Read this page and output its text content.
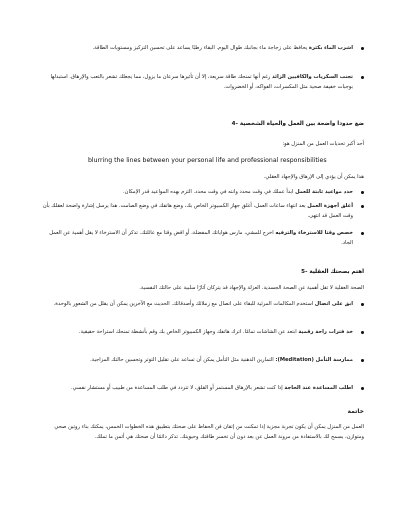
اشرب الماء بكثرة يحافظ على زجاجة ماء بجانبك طوال اليوم. البقاء رطبًا يساعد على تحسين التركيز ومستويات الطاقة.
تجنب السكريات والكافيين الزائد رغم أنها تمنحك طاقة سريعة، إلا أن تأثيرها سرعان ما يزول، مما يجعلك تشعر بالتعب والإرهاق. استبدلها بوجبات خفيفة صحية مثل المكسرات، الفواكه، أو الخضروات.
ضع حدودا واضحة بين العمل والحياة الشخصية -4
أحد أكبر تحديات العمل من المنزل هو:
blurring the lines between your personal life and professional responsibilities
هذا يمكن أن يؤدي إلى الإرهاق والإجهاد العقلي.
حدد مواعيد ثابتة للعمل ابدأ عملك في وقت محدد وانته في وقت محدد. التزم بهذه المواعيد قدر الإمكان.
أغلق أجهزة العمل بعد انتهاء ساعات العمل، أغلق جهاز الكمبيوتر الخاص بك، وضع هاتفك في وضع الصامت. هذا يرسل إشارة واضحة لعقلك بأن وقت العمل قد انتهى.
خصص وقتا للاسترخاء والترفيه اخرج للمشي، مارس هواياتك المفضلة، أو اقض وقتا مع عائلتك. تذكر أن الاسترخاء لا يقل أهمية عن العمل الجاد.
اهتم بصحتك العقلية -5
الصحة العقلية لا تقل أهمية عن الصحة الجسدية. العزلة والإجهاد قد يتركان آثارًا سلبية على حالتك النفسية.
ابق على اتصال استخدم المكالمات المرئية للبقاء على اتصال مع زملائك وأصدقائك. الحديث مع الآخرين يمكن أن يقلل من الشعور بالوحدة.
خذ فترات راحة رقمية ابتعد عن الشاشات تمامًا. اترك هاتفك وجهاز الكمبيوتر الخاص بك وقم بأنشطة تمنحك استراحة حقيقية.
ممارسة التأمل (Meditation): التمارين الذهنية مثل التأمل يمكن أن تساعد على تقليل التوتر وتحسين حالتك المزاجية.
اطلب المساعدة عند الحاجة إذا كنت تشعر بالإرهاق المستمر أو القلق، لا تتردد في طلب المساعدة من طبيب أو مستشار نفسي.
خاتمة
العمل من المنزل يمكن أن يكون تجربة مجزية إذا تمكنت من إتقان فن الحفاظ على صحتك بتطبيق هذه الخطوات الخمس، يمكنك بناء روتين صحي ومتوازن، يسمح لك بالاستفادة من مرونة العمل عن بعد دون أن تخسر طاقتك وحيويتك. تذكر دائمًا أن صحتك هي أثمن ما تملك.
